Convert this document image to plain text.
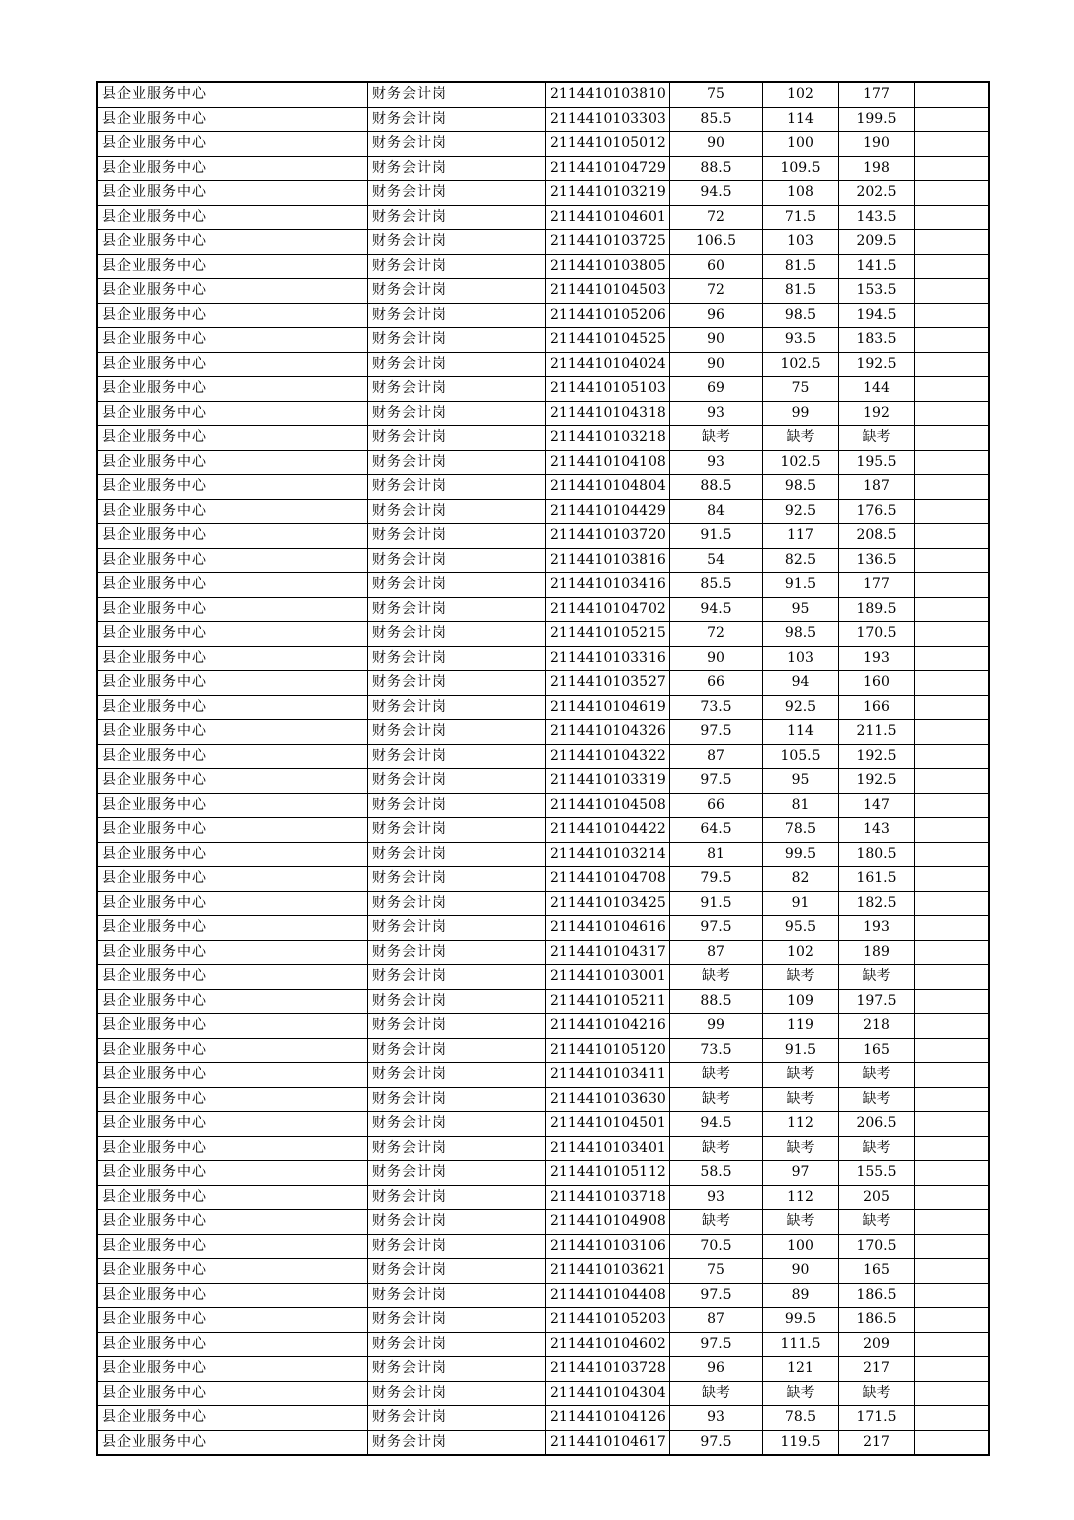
县企业服务中心	财务会计岗	2114410103810	75	102	177	
县企业服务中心	财务会计岗	2114410103303	85.5	114	199.5	
县企业服务中心	财务会计岗	2114410105012	90	100	190	
县企业服务中心	财务会计岗	2114410104729	88.5	109.5	198	
县企业服务中心	财务会计岗	2114410103219	94.5	108	202.5	
县企业服务中心	财务会计岗	2114410104601	72	71.5	143.5	
县企业服务中心	财务会计岗	2114410103725	106.5	103	209.5	
县企业服务中心	财务会计岗	2114410103805	60	81.5	141.5	
县企业服务中心	财务会计岗	2114410104503	72	81.5	153.5	
县企业服务中心	财务会计岗	2114410105206	96	98.5	194.5	
县企业服务中心	财务会计岗	2114410104525	90	93.5	183.5	
县企业服务中心	财务会计岗	2114410104024	90	102.5	192.5	
县企业服务中心	财务会计岗	2114410105103	69	75	144	
县企业服务中心	财务会计岗	2114410104318	93	99	192	
县企业服务中心	财务会计岗	2114410103218	缺考	缺考	缺考	
县企业服务中心	财务会计岗	2114410104108	93	102.5	195.5	
县企业服务中心	财务会计岗	2114410104804	88.5	98.5	187	
县企业服务中心	财务会计岗	2114410104429	84	92.5	176.5	
县企业服务中心	财务会计岗	2114410103720	91.5	117	208.5	
县企业服务中心	财务会计岗	2114410103816	54	82.5	136.5	
县企业服务中心	财务会计岗	2114410103416	85.5	91.5	177	
县企业服务中心	财务会计岗	2114410104702	94.5	95	189.5	
县企业服务中心	财务会计岗	2114410105215	72	98.5	170.5	
县企业服务中心	财务会计岗	2114410103316	90	103	193	
县企业服务中心	财务会计岗	2114410103527	66	94	160	
县企业服务中心	财务会计岗	2114410104619	73.5	92.5	166	
县企业服务中心	财务会计岗	2114410104326	97.5	114	211.5	
县企业服务中心	财务会计岗	2114410104322	87	105.5	192.5	
县企业服务中心	财务会计岗	2114410103319	97.5	95	192.5	
县企业服务中心	财务会计岗	2114410104508	66	81	147	
县企业服务中心	财务会计岗	2114410104422	64.5	78.5	143	
县企业服务中心	财务会计岗	2114410103214	81	99.5	180.5	
县企业服务中心	财务会计岗	2114410104708	79.5	82	161.5	
县企业服务中心	财务会计岗	2114410103425	91.5	91	182.5	
县企业服务中心	财务会计岗	2114410104616	97.5	95.5	193	
县企业服务中心	财务会计岗	2114410104317	87	102	189	
县企业服务中心	财务会计岗	2114410103001	缺考	缺考	缺考	
县企业服务中心	财务会计岗	2114410105211	88.5	109	197.5	
县企业服务中心	财务会计岗	2114410104216	99	119	218	
县企业服务中心	财务会计岗	2114410105120	73.5	91.5	165	
县企业服务中心	财务会计岗	2114410103411	缺考	缺考	缺考	
县企业服务中心	财务会计岗	2114410103630	缺考	缺考	缺考	
县企业服务中心	财务会计岗	2114410104501	94.5	112	206.5	
县企业服务中心	财务会计岗	2114410103401	缺考	缺考	缺考	
县企业服务中心	财务会计岗	2114410105112	58.5	97	155.5	
县企业服务中心	财务会计岗	2114410103718	93	112	205	
县企业服务中心	财务会计岗	2114410104908	缺考	缺考	缺考	
县企业服务中心	财务会计岗	2114410103106	70.5	100	170.5	
县企业服务中心	财务会计岗	2114410103621	75	90	165	
县企业服务中心	财务会计岗	2114410104408	97.5	89	186.5	
县企业服务中心	财务会计岗	2114410105203	87	99.5	186.5	
县企业服务中心	财务会计岗	2114410104602	97.5	111.5	209	
县企业服务中心	财务会计岗	2114410103728	96	121	217	
县企业服务中心	财务会计岗	2114410104304	缺考	缺考	缺考	
县企业服务中心	财务会计岗	2114410104126	93	78.5	171.5	
县企业服务中心	财务会计岗	2114410104617	97.5	119.5	217	
